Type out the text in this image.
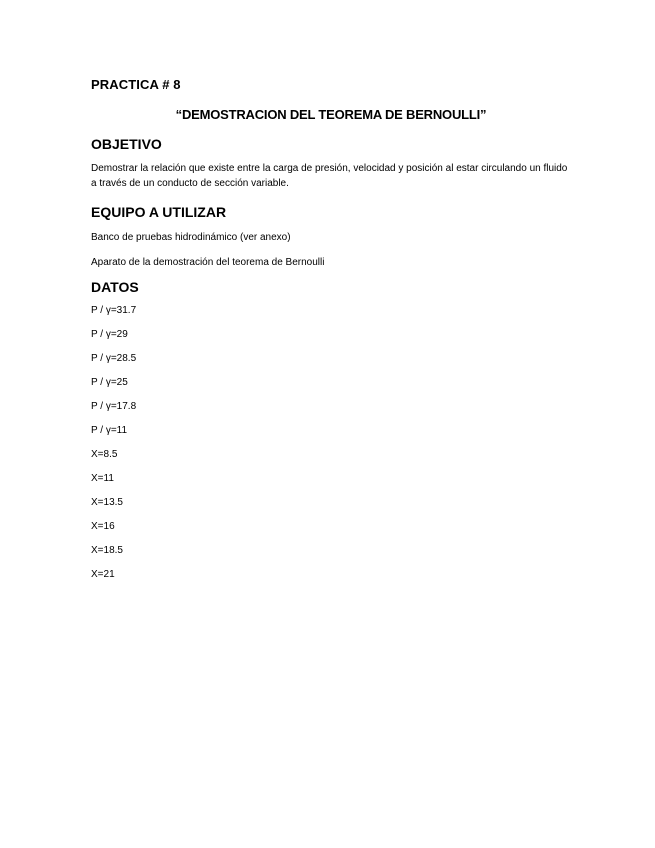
PRACTICA # 8

“DEMOSTRACION DEL TEOREMA DE BERNOULLI”

OBJETIVO

Demostrar la relación que existe entre la carga de presión, velocidad y posición al estar circulando un fluido a través de un conducto de sección variable.

EQUIPO A UTILIZAR

Banco de pruebas hidrodinámico (ver anexo)

Aparato de la demostración del teorema de Bernoulli

DATOS
P / γ=31.7
P / γ=29
P / γ=28.5
P / γ=25
P / γ=17.8
P / γ=11
X=8.5
X=11
X=13.5
X=16
X=18.5
X=21
